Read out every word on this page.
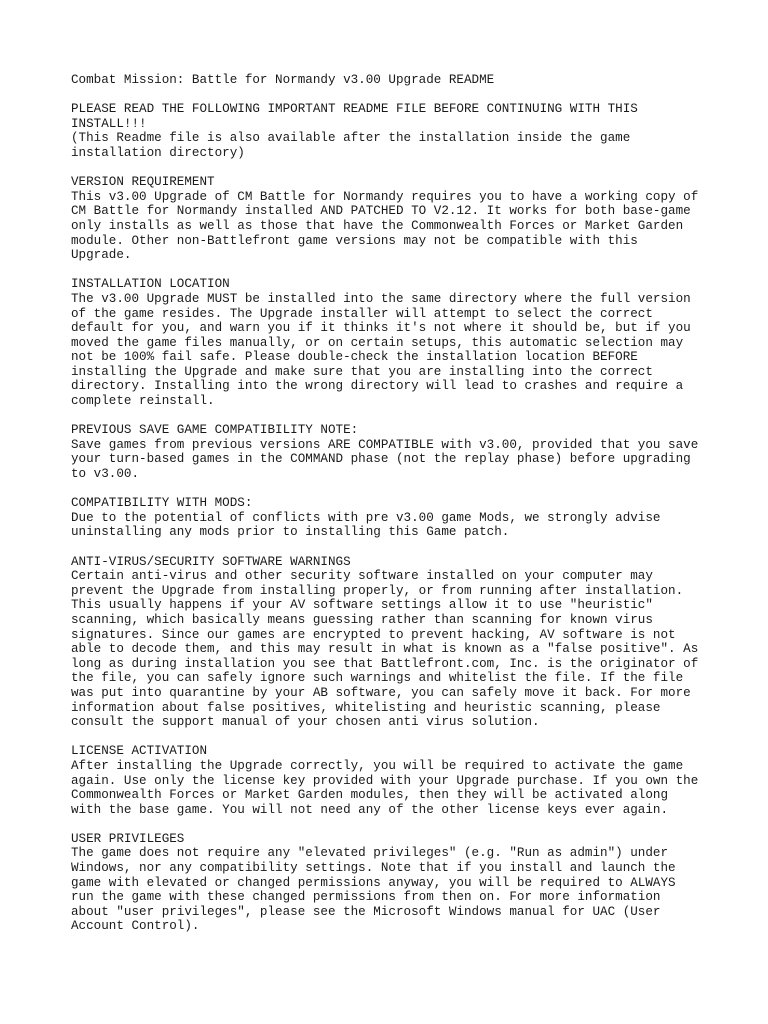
Combat Mission: Battle for Normandy v3.00 Upgrade README
PLEASE READ THE FOLLOWING IMPORTANT README FILE BEFORE CONTINUING WITH THIS
INSTALL!!!
(This Readme file is also available after the installation inside the game
installation directory)
VERSION REQUIREMENT
This v3.00 Upgrade of CM Battle for Normandy requires you to have a working copy of
CM Battle for Normandy installed AND PATCHED TO V2.12. It works for both base-game
only installs as well as those that have the Commonwealth Forces or Market Garden
module. Other non-Battlefront game versions may not be compatible with this
Upgrade.
INSTALLATION LOCATION
The v3.00 Upgrade MUST be installed into the same directory where the full version
of the game resides. The Upgrade installer will attempt to select the correct
default for you, and warn you if it thinks it's not where it should be, but if you
moved the game files manually, or on certain setups, this automatic selection may
not be 100% fail safe. Please double-check the installation location BEFORE
installing the Upgrade and make sure that you are installing into the correct
directory. Installing into the wrong directory will lead to crashes and require a
complete reinstall.
PREVIOUS SAVE GAME COMPATIBILITY NOTE:
Save games from previous versions ARE COMPATIBLE with v3.00, provided that you save
your turn-based games in the COMMAND phase (not the replay phase) before upgrading
to v3.00.
COMPATIBILITY WITH MODS:
Due to the potential of conflicts with pre v3.00 game Mods, we strongly advise
uninstalling any mods prior to installing this Game patch.
ANTI-VIRUS/SECURITY SOFTWARE WARNINGS
Certain anti-virus and other security software installed on your computer may
prevent the Upgrade from installing properly, or from running after installation.
This usually happens if your AV software settings allow it to use "heuristic"
scanning, which basically means guessing rather than scanning for known virus
signatures. Since our games are encrypted to prevent hacking, AV software is not
able to decode them, and this may result in what is known as a "false positive". As
long as during installation you see that Battlefront.com, Inc. is the originator of
the file, you can safely ignore such warnings and whitelist the file. If the file
was put into quarantine by your AB software, you can safely move it back. For more
information about false positives, whitelisting and heuristic scanning, please
consult the support manual of your chosen anti virus solution.
LICENSE ACTIVATION
After installing the Upgrade correctly, you will be required to activate the game
again. Use only the license key provided with your Upgrade purchase. If you own the
Commonwealth Forces or Market Garden modules, then they will be activated along
with the base game. You will not need any of the other license keys ever again.
USER PRIVILEGES
The game does not require any "elevated privileges" (e.g. "Run as admin") under
Windows, nor any compatibility settings. Note that if you install and launch the
game with elevated or changed permissions anyway, you will be required to ALWAYS
run the game with these changed permissions from then on. For more information
about "user privileges", please see the Microsoft Windows manual for UAC (User
Account Control).
